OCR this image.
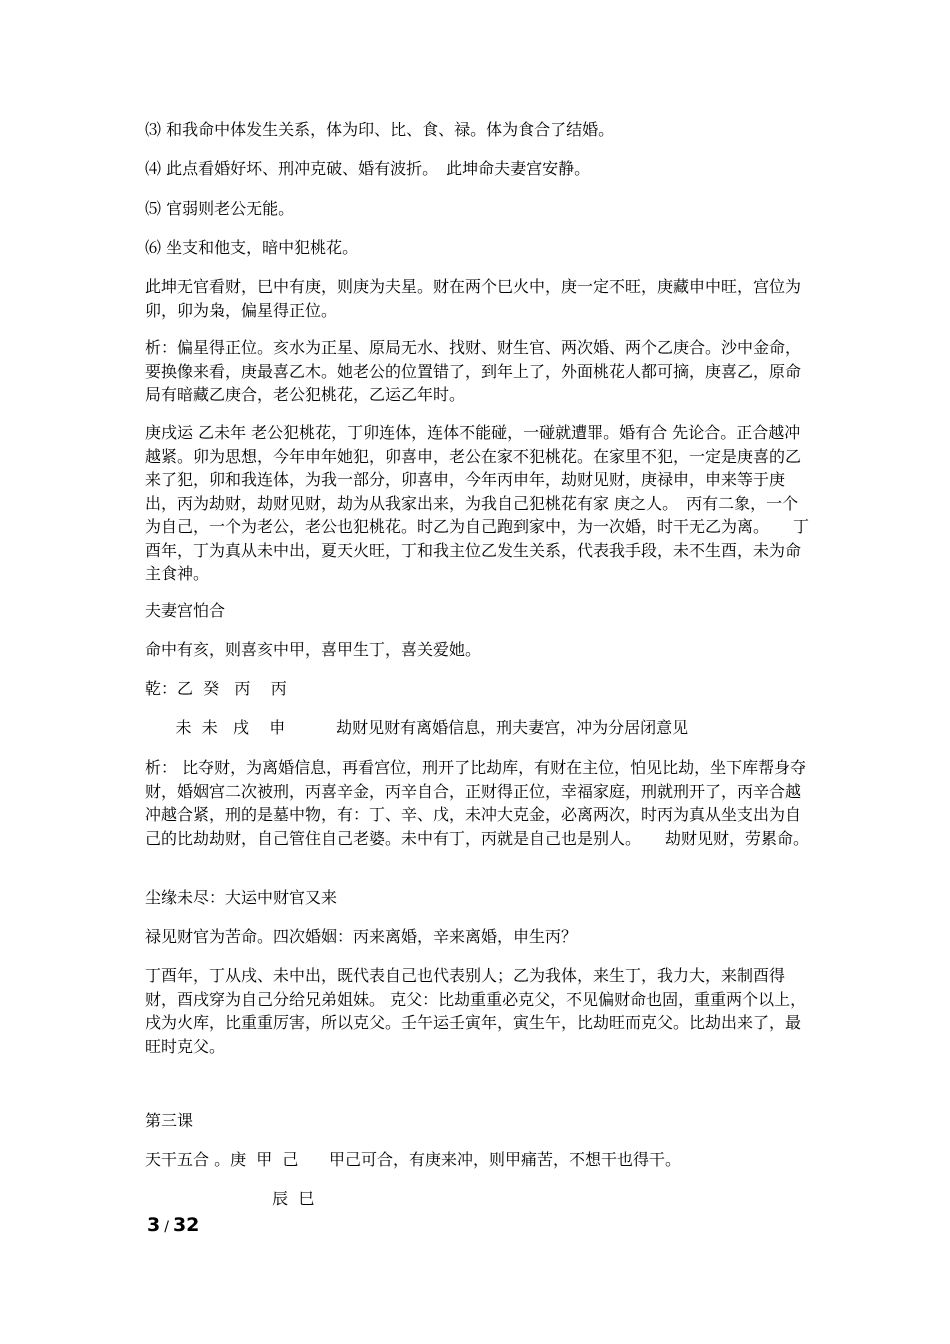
⑶ 和我命中体发生关系，体为印、比、食、禄。体为食合了结婚。

⑷ 此点看婚好坏、刑冲克破、婚有波折。　此坤命夫妻宫安静。

⑸ 官弱则老公无能。

⑹ 坐支和他支，暗中犯桃花。

此坤无官看财，巳中有庚，则庚为夫星。财在两个巳火中，庚一定不旺，庚藏申中旺，宫位为卯，卯为枭，偏星得正位。

析：偏星得正位。亥水为正星、原局无水、找财、财生官、两次婚、两个乙庚合。沙中金命，要换像来看，庚最喜乙木。她老公的位置错了，到年上了，外面桃花人都可摘，庚喜乙，原命局有暗藏乙庚合，老公犯桃花，乙运乙年时。

庚戌运 乙未年 老公犯桃花，丁卯连体，连体不能碰，一碰就遭罪。婚有合 先论合。正合越冲越紧。卯为思想，今年申年她犯，卯喜申，老公在家不犯桃花。在家里不犯，一定是庚喜的乙来了犯，卯和我连体，为我一部分，卯喜申，今年丙申年，劫财见财，庚禄申，申来等于庚出，丙为劫财，劫财见财，劫为从我家出来，为我自己犯桃花有家 庚之人。　丙有二象，一个为自己，一个为老公，老公也犯桃花。时乙为自己跑到家中，为一次婚，时干无乙为离。　　丁酉年，丁为真从未中出，夏天火旺，丁和我主位乙发生关系，代表我手段，未不生酉，未为命主食神。

夫妻宫怕合

命中有亥，则喜亥中甲，喜甲生丁，喜关爱她。

乾：乙  癸   丙    丙

未  未   戌    申          劫财见财有离婚信息，刑夫妻宫，冲为分居闭意见

析： 比夺财，为离婚信息，再看宫位，刑开了比劫库，有财在主位，怕见比劫，坐下库帮身夺财，婚姻宫二次被刑，丙喜辛金，丙辛自合，正财得正位，幸福家庭，刑就刑开了，丙辛合越冲越合紧，刑的是墓中物，有：丁、辛、戊，未冲大克金，必离两次，时丙为真从坐支出为自己的比劫劫财，自己管住自己老婆。未中有丁，丙就是自己也是别人。　　劫财见财，劳累命。

尘缘未尽：大运中财官又来

禄见财官为苦命。四次婚姻：丙来离婚，辛来离婚，申生丙？

丁酉年，丁从戌、未中出，既代表自己也代表别人；乙为我体，来生丁，我力大，来制酉得财，酉戌穿为自己分给兄弟姐妹。 克父：比劫重重必克父，不见偏财命也固，重重两个以上，戌为火库，比重重厉害，所以克父。壬午运壬寅年，寅生午，比劫旺而克父。比劫出来了，最旺时克父。

第三课

天干五合 。庚  甲  己      甲己可合，有庚来冲，则甲痛苦，不想干也得干。

辰  巳

3 / 32
